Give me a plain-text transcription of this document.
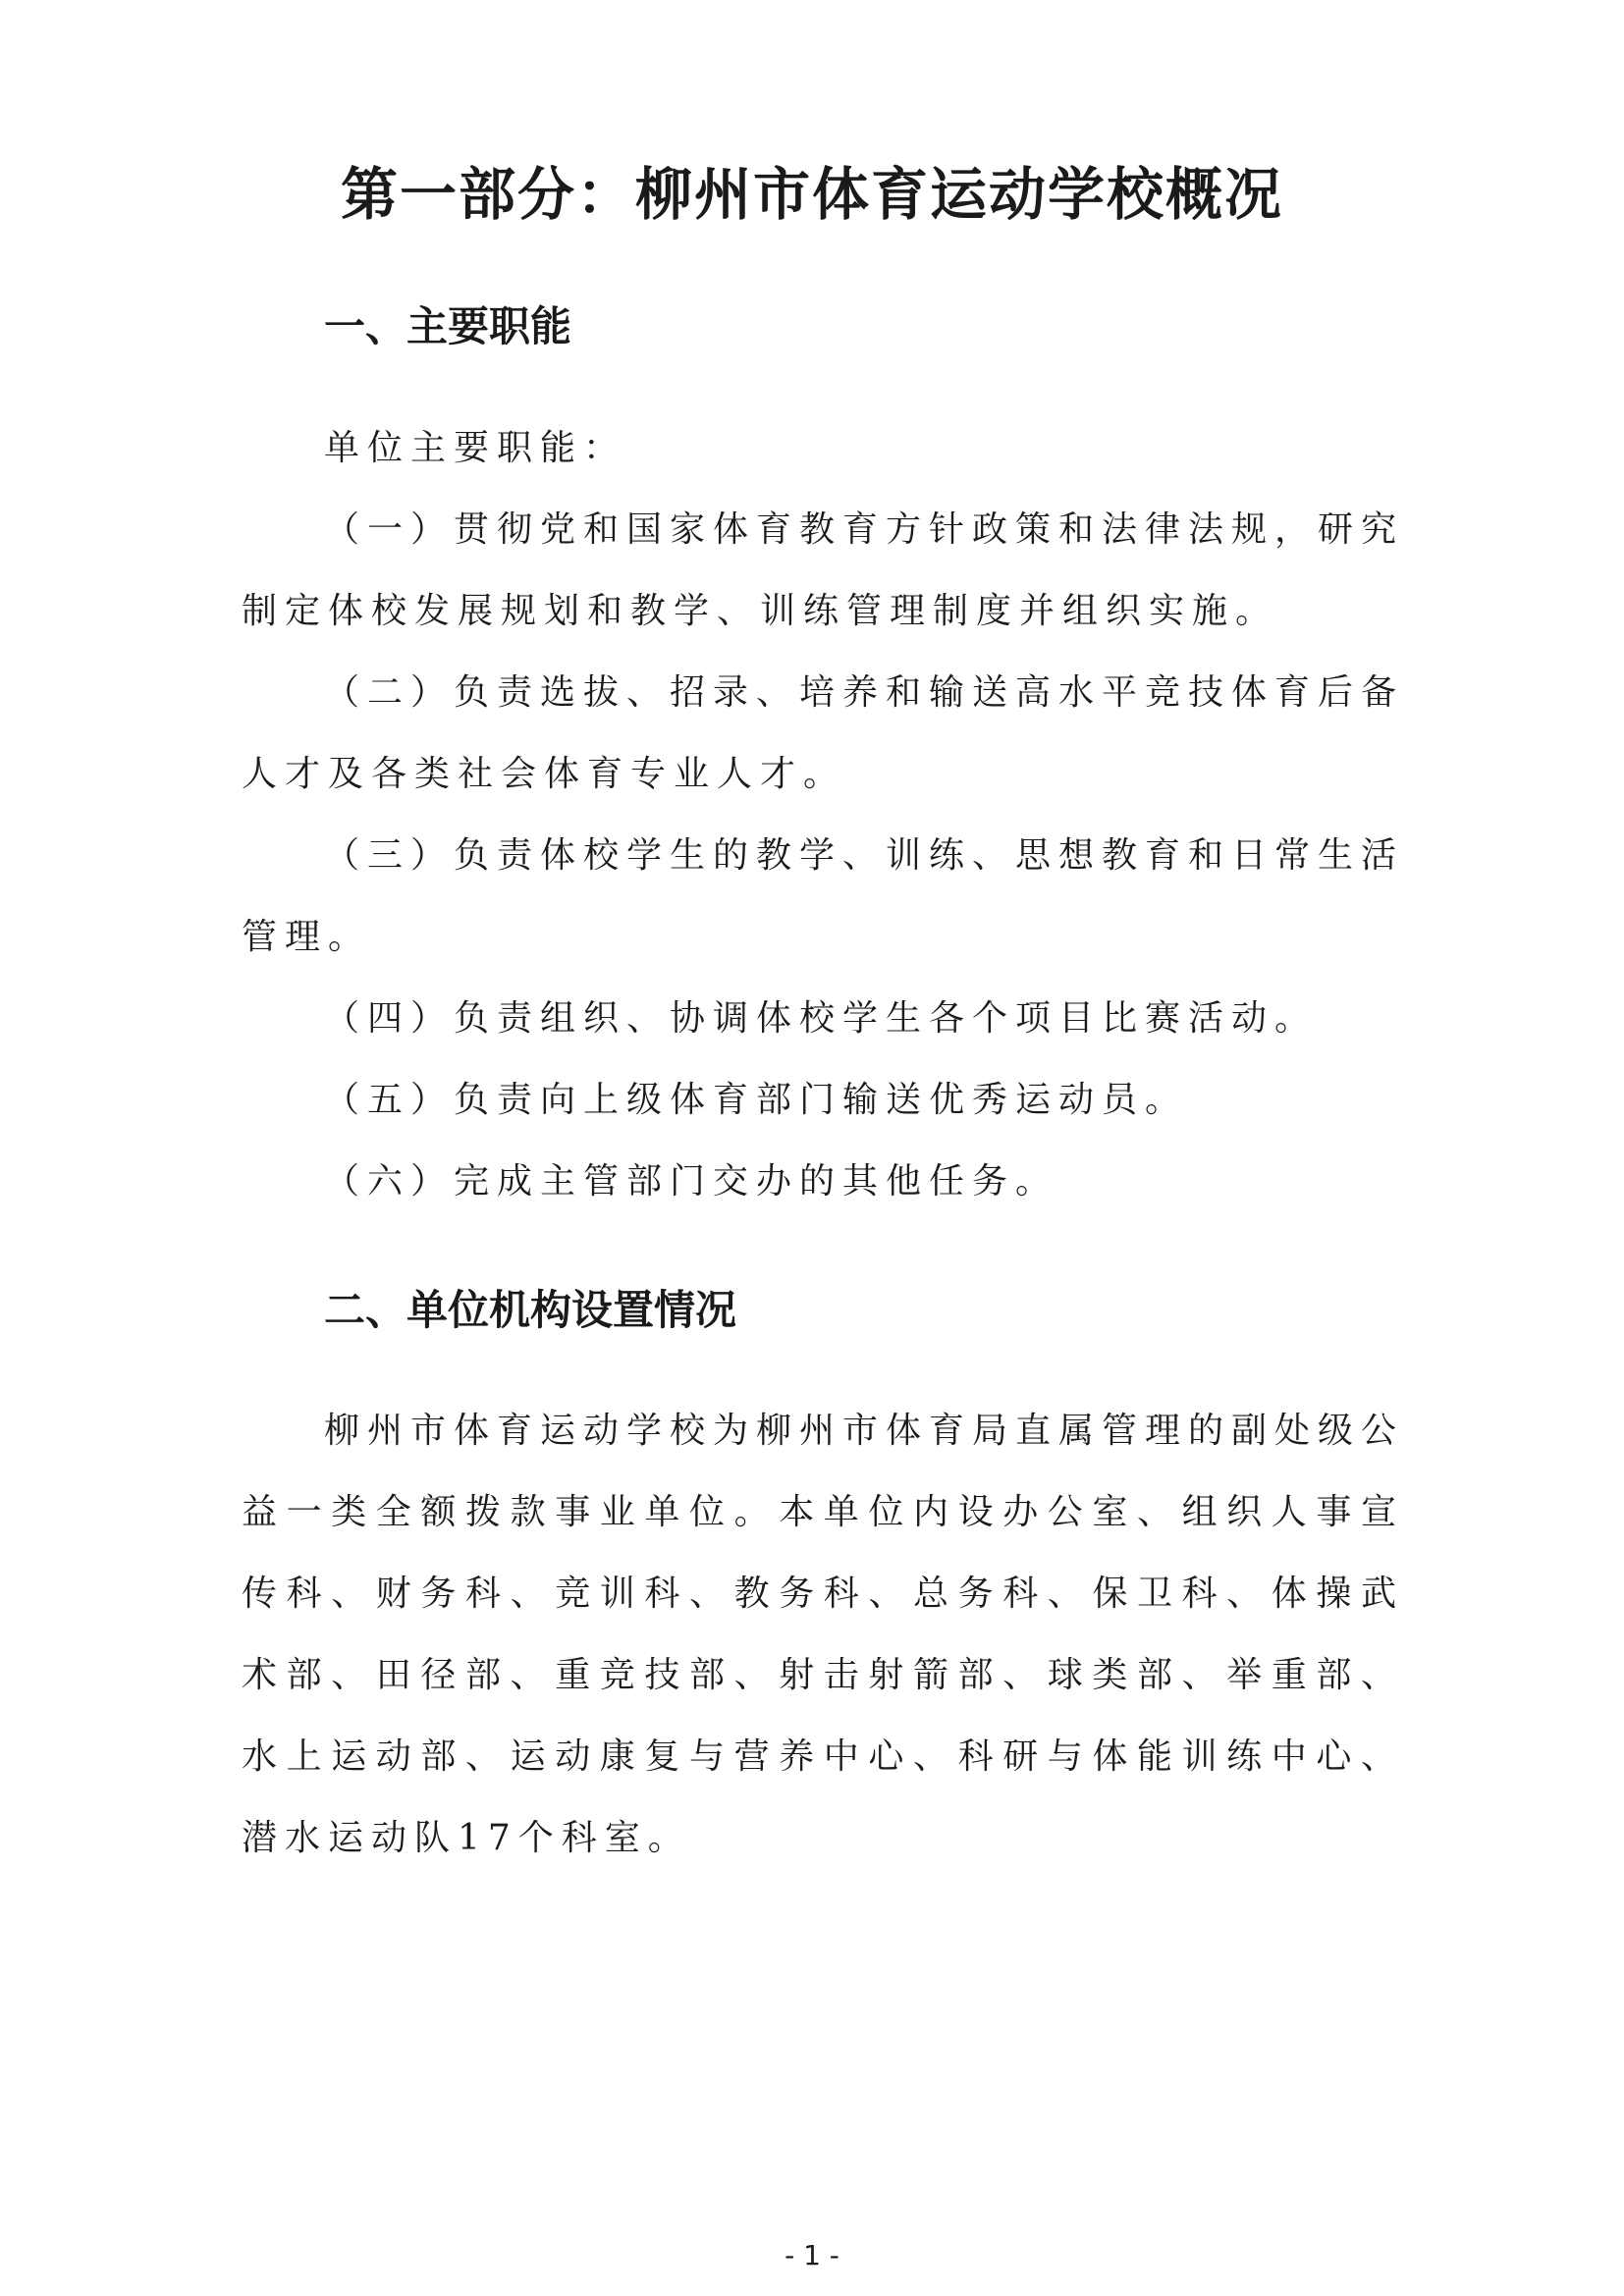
第一部分：柳州市体育运动学校概况
一、主要职能

单位主要职能：

（一）贯彻党和国家体育教育方针政策和法律法规，研究制定体校发展规划和教学、训练管理制度并组织实施。

（二）负责选拔、招录、培养和输送高水平竞技体育后备人才及各类社会体育专业人才。

（三）负责体校学生的教学、训练、思想教育和日常生活管理。

（四）负责组织、协调体校学生各个项目比赛活动。

（五）负责向上级体育部门输送优秀运动员。

（六）完成主管部门交办的其他任务。

二、单位机构设置情况

柳州市体育运动学校为柳州市体育局直属管理的副处级公益一类全额拨款事业单位。本单位内设办公室、组织人事宣传科、财务科、竞训科、教务科、总务科、保卫科、体操武术部、田径部、重竞技部、射击射箭部、球类部、举重部、水上运动部、运动康复与营养中心、科研与体能训练中心、潜水运动队17个科室。

- 1 -
